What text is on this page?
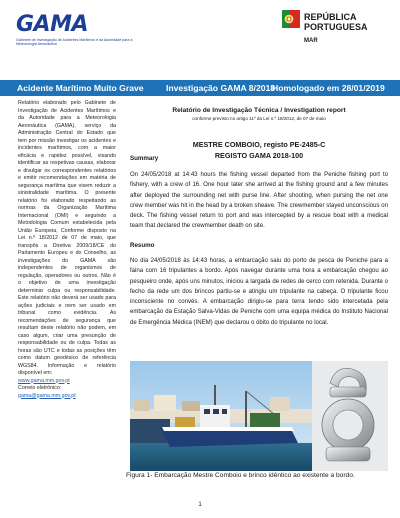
GAMA
Gabinete de Investigação de Acidentes Marítimos e da Autoridade para a Meteorologia Aeronáutica
REPÚBLICA
PORTUGUESA
MAR
Acidente Marítimo Muito Grave	Investigação GAMA 8/2018
Homologado em 28/01/2019

Relatório elaborado pelo Gabinete de Investigação de Acidentes Marítimos e da Autoridade para a Meteorologia Aeronáutica (GAMA), serviço da Administração Central do Estado que tem por missão investigar os acidentes e incidentes marítimos, com a maior eficácia e rapidez possível, visando identificar as respetivas causas, elaborar e divulgar os correspondentes relatórios e emitir recomendações em matéria de segurança marítima que visem reduzir a sinistralidade marítima. O presente relatório foi elaborado respeitando as normas da Organização Marítima Internacional (OMI) e seguindo a Metodologia Comum estabelecida pela União Europeia, Conforme disposto na Lei n.º 18/2012 de 07 de maio, que transpõs a Diretiva 2009/18/CE do Parlamento Europeu e do Conselho, as investigações do GAMA são independentes de organismos de regulação, operadores ou outros. Não é o objetivo de uma investigação determinar culpa ou responsabilidade. Este relatório não deverá ser usado para ações judiciais e nem ser usado em tribunal como evidência. As recomendações de segurança que resultam deste relatório não podem, em caso algum, criar uma presunção de responsabilidade ou de culpa. Todas as horas são UTC e todas as posições têm como datum geodésico de referência WGS84. Informação e relatório disponível em:

www.gama.mm.gov.pt

Correio eletrónico:

gama@gama.mm.gov.pt

Relatório de Investigação Técnica / Investigation report
conforme previsto no artigo 11º da Lei n.º 18/2012, de 07 de maio
MESTRE COMBOIO, registo PE-2485-C
REGISTO GAMA 2018-100
Summary
On 24/05/2018 at 14:43 hours the fishing vessel departed from the Peniche fishing port to fishery, with a crew of 16. One hour later she arrived at the fishing ground and a few minutes after deployed the surrounding net with purse line. After shooting, when pursing the net one crew member was hit in the head by a broken sheave. The crewmember stayed unconscious on deck. The fishing vessel return to port and was intercepted by a rescue boat with a medical team that declared the crewmember death on site.
Resumo
No dia 24/05/2018 às 14:43 horas, a embarcação saiu do porto de pesca de Peniche para a faina com 16 tripulantes a bordo. Após navegar durante uma hora a embarcação chegou ao pesqueiro onde, após uns minutos, iniciou a largada de redes de cerco com retenida. Durante o fecho da rede um dos brincos partiu-se e atingiu um tripulante na cabeça. O tripulante ficou inconsciente no convés. A embarcação dirigiu-se para terra tendo sido intercetada pela embarcação da Estação Salva-Vidas de Peniche com uma equipa médica do Instituto Nacional de Emergência Médica (INEM) que declarou o óbito do tripulante no local.
Figura 1- Embarcação Mestre Comboio e brinco idêntico ao existente a bordo.
1
